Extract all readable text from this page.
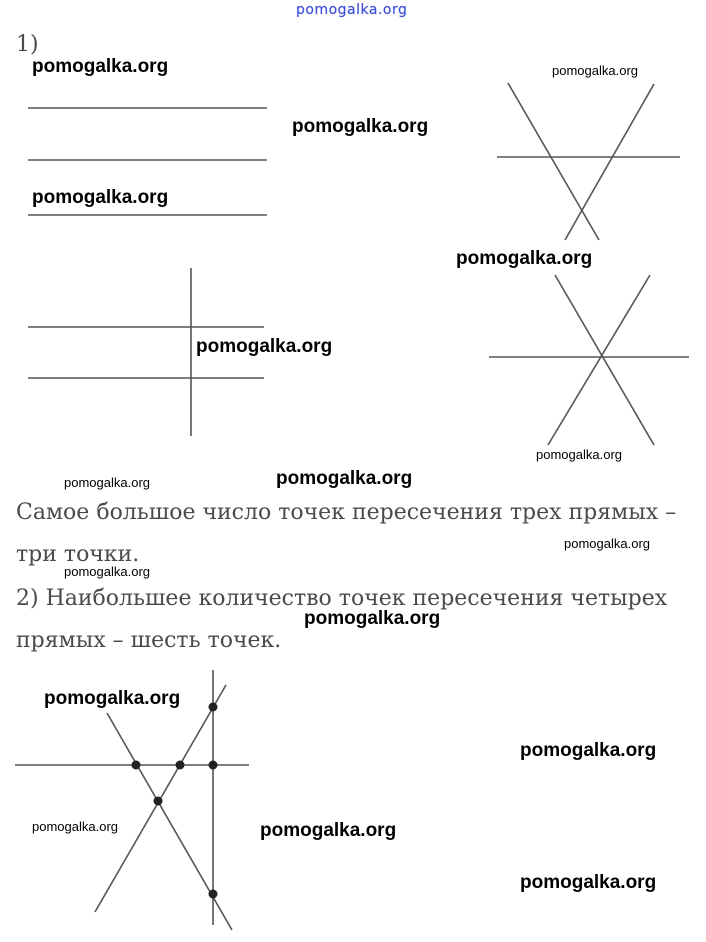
pomogalka.org
1)
Самое большое число точек пересечения трех прямых –
три точки.
2) Наибольшее количество точек пересечения четырех
прямых – шесть точек.
pomogalka.org	pomogalka.org
pomogalka.org
pomogalka.org
pomogalka.org
pomogalka.org
pomogalka.org
pomogalka.org	pomogalka.org
pomogalka.org
pomogalka.org
pomogalka.org
pomogalka.org
pomogalka.org
pomogalka.org	pomogalka.org
pomogalka.org
